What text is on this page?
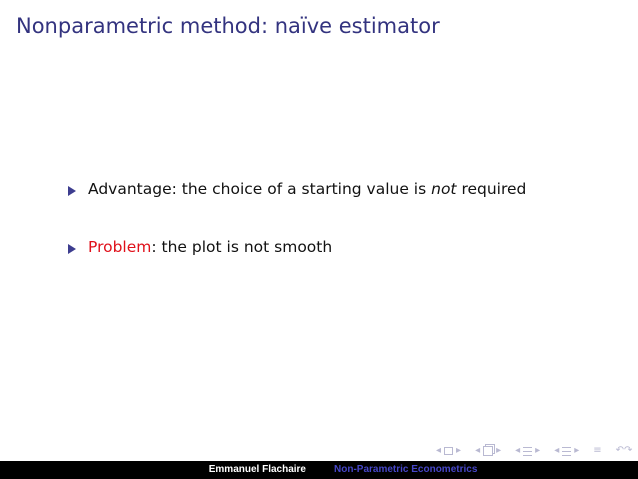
Nonparametric method: naïve estimator
Advantage: the choice of a starting value is not required
Problem: the plot is not smooth
◂ ▸ ◂ ▸ ◂ ▸ ◂ ▸ ≡ ↶↷
Emmanuel Flachaire	Non-Parametric Econometrics
